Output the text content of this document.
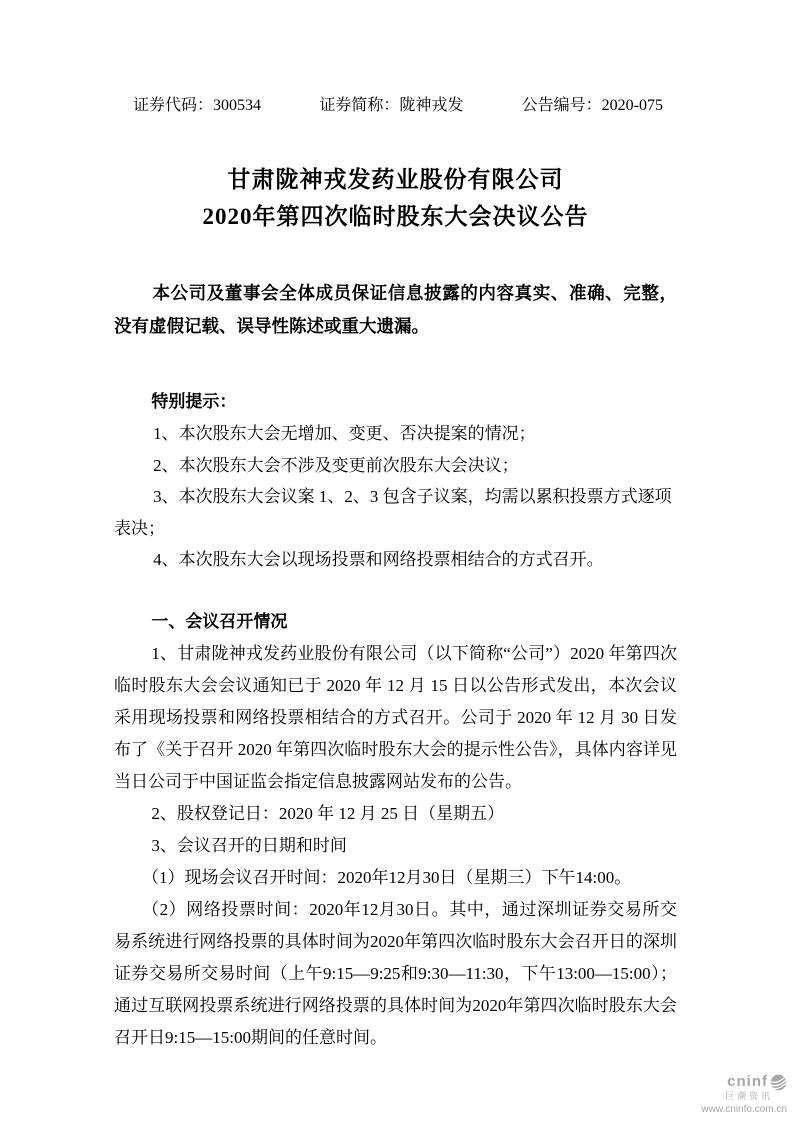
证券代码：300534	证券简称：陇神戎发	公告编号：2020-075
甘肃陇神戎发药业股份有限公司
2020年第四次临时股东大会决议公告

本公司及董事会全体成员保证信息披露的内容真实、准确、完整，没有虚假记载、误导性陈述或重大遗漏。

特别提示：
1、本次股东大会无增加、变更、否决提案的情况；
2、本次股东大会不涉及变更前次股东大会决议；
3、本次股东大会议案 1、2、3 包含子议案，均需以累积投票方式逐项表决；
4、本次股东大会以现场投票和网络投票相结合的方式召开。
一、会议召开情况
1、甘肃陇神戎发药业股份有限公司（以下简称“公司”）2020 年第四次临时股东大会会议通知已于 2020 年 12 月 15 日以公告形式发出，本次会议采用现场投票和网络投票相结合的方式召开。公司于 2020 年 12 月 30 日发布了《关于召开 2020 年第四次临时股东大会的提示性公告》，具体内容详见当日公司于中国证监会指定信息披露网站发布的公告。
2、股权登记日：2020 年 12 月 25 日（星期五）
3、会议召开的日期和时间
（1）现场会议召开时间：2020年12月30日（星期三）下午14:00。
（2）网络投票时间：2020年12月30日。其中，通过深圳证券交易所交易系统进行网络投票的具体时间为2020年第四次临时股东大会召开日的深圳证券交易所交易时间（上午9:15—9:25和9:30—11:30，下午13:00—15:00）；通过互联网投票系统进行网络投票的具体时间为2020年第四次临时股东大会召开日9:15—15:00期间的任意时间。
cninf
巨潮资讯
www.cninfo.com.cn
